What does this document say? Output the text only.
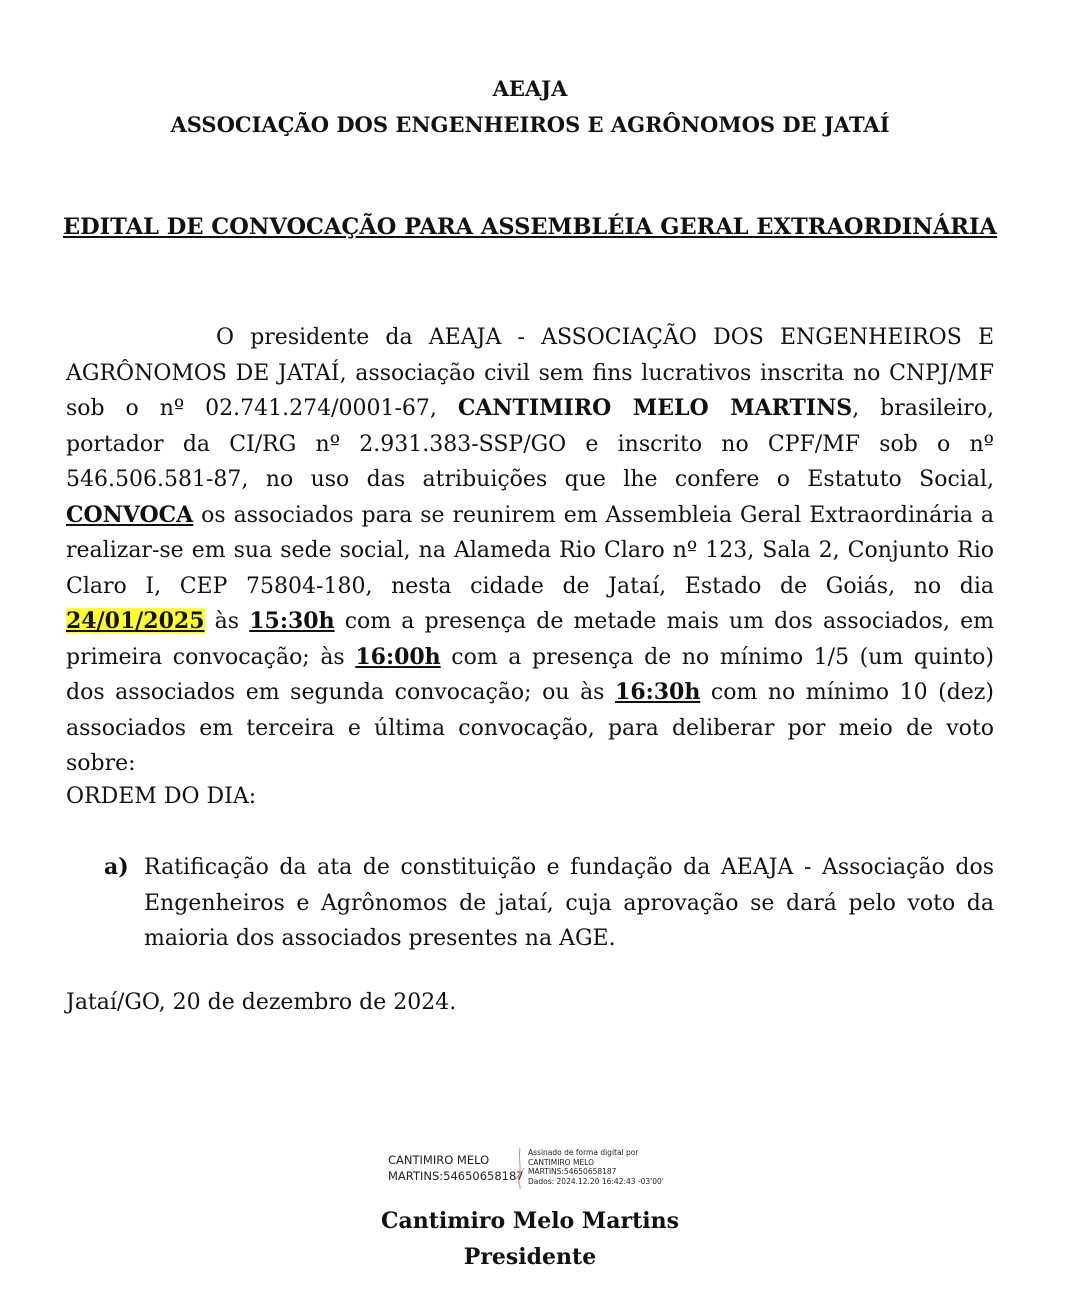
AEAJA
ASSOCIAÇÃO DOS ENGENHEIROS E AGRÔNOMOS DE JATAÍ
EDITAL DE CONVOCAÇÃO PARA ASSEMBLÉIA GERAL EXTRAORDINÁRIA
O presidente da AEAJA - ASSOCIAÇÃO DOS ENGENHEIROS E AGRÔNOMOS DE JATAÍ, associação civil sem fins lucrativos inscrita no CNPJ/MF sob o nº 02.741.274/0001-67, CANTIMIRO MELO MARTINS, brasileiro, portador da CI/RG nº 2.931.383-SSP/GO e inscrito no CPF/MF sob o nº 546.506.581-87, no uso das atribuições que lhe confere o Estatuto Social, CONVOCA os associados para se reunirem em Assembleia Geral Extraordinária a realizar-se em sua sede social, na Alameda Rio Claro nº 123, Sala 2, Conjunto Rio Claro I, CEP 75804-180, nesta cidade de Jataí, Estado de Goiás, no dia 24/01/2025 às 15:30h com a presença de metade mais um dos associados, em primeira convocação; às 16:00h com a presença de no mínimo 1/5 (um quinto) dos associados em segunda convocação; ou às 16:30h com no mínimo 10 (dez) associados em terceira e última convocação, para deliberar por meio de voto sobre:
ORDEM DO DIA:
a) Ratificação da ata de constituição e fundação da AEAJA - Associação dos Engenheiros e Agrônomos de jataí, cuja aprovação se dará pelo voto da maioria dos associados presentes na AGE.
Jataí/GO, 20 de dezembro de 2024.
CANTIMIRO MELO
MARTINS:54650658187
Assinado de forma digital por
CANTIMIRO MELO
MARTINS:54650658187
Dados: 2024.12.20 16:42:43 -03'00'
Cantimiro Melo Martins
Presidente
